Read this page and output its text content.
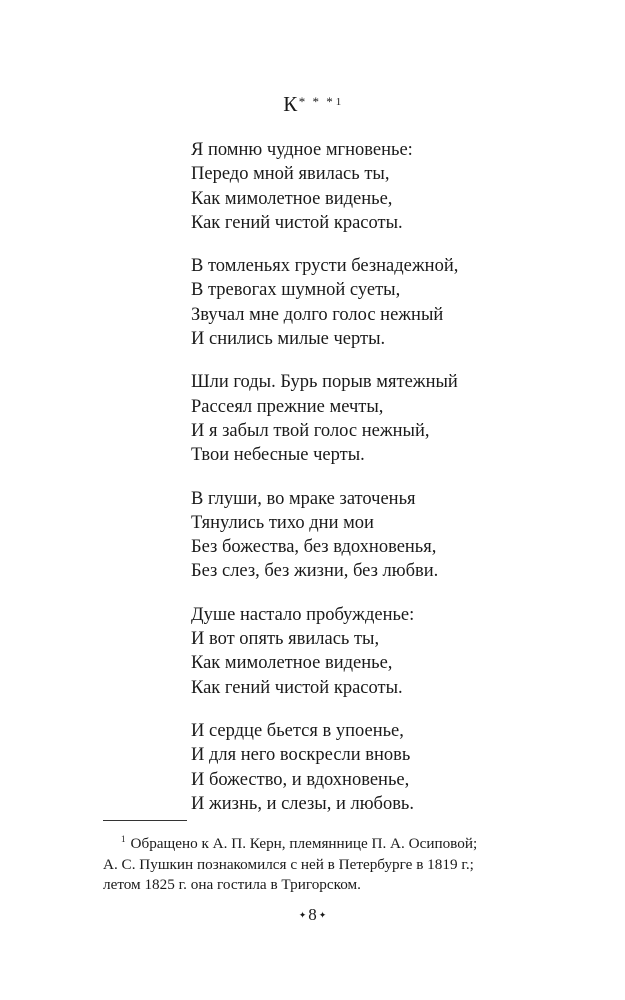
$К^{* * *1}$
Я помню чудное мгновенье:
Передо мной явилась ты,
Как мимолетное виденье,
Как гений чистой красоты.
В томленьях грусти безнадежной,
В тревогах шумной суеты,
Звучал мне долго голос нежный
И снились милые черты.
Шли годы. Бурь порыв мятежный
Рассеял прежние мечты,
И я забыл твой голос нежный,
Твои небесные черты.
В глуши, во мраке заточенья
Тянулись тихо дни мои
Без божества, без вдохновенья,
Без слез, без жизни, без любви.
Душе настало пробужденье:
И вот опять явилась ты,
Как мимолетное виденье,
Как гений чистой красоты.
И сердце бьется в упоенье,
И для него воскресли вновь
И божество, и вдохновенье,
И жизнь, и слезы, и любовь.
$^1$ Обращено к А. П. Керн, племяннице П. А. Осиповой;
А. С. Пушкин познакомился с ней в Петербурге в 1819 г.;
летом 1825 г. она гостила в Тригорском.
✦ 8 ✦
